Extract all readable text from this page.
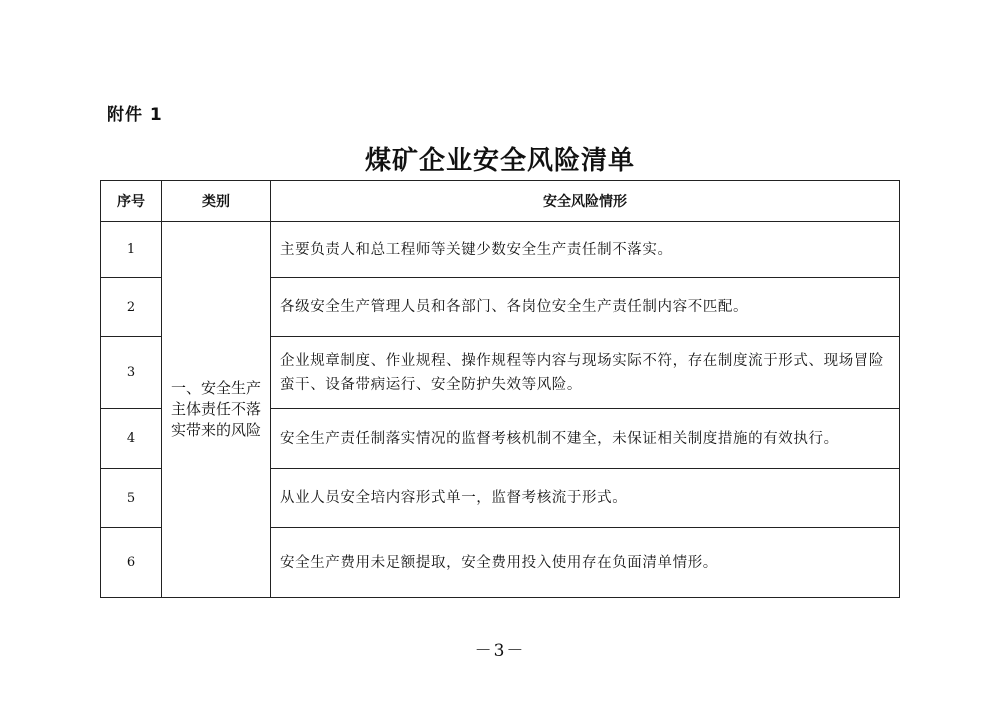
附件 1
煤矿企业安全风险清单
序号	类别	安全风险情形
1	一、安全生产主体责任不落实带来的风险	主要负责人和总工程师等关键少数安全生产责任制不落实。
2		各级安全生产管理人员和各部门、各岗位安全生产责任制内容不匹配。
3		企业规章制度、作业规程、操作规程等内容与现场实际不符，存在制度流于形式、现场冒险蛮干、设备带病运行、安全防护失效等风险。
4		安全生产责任制落实情况的监督考核机制不建全，未保证相关制度措施的有效执行。
5		从业人员安全培内容形式单一，监督考核流于形式。
6		安全生产费用未足额提取，安全费用投入使用存在负面清单情形。
－3－
